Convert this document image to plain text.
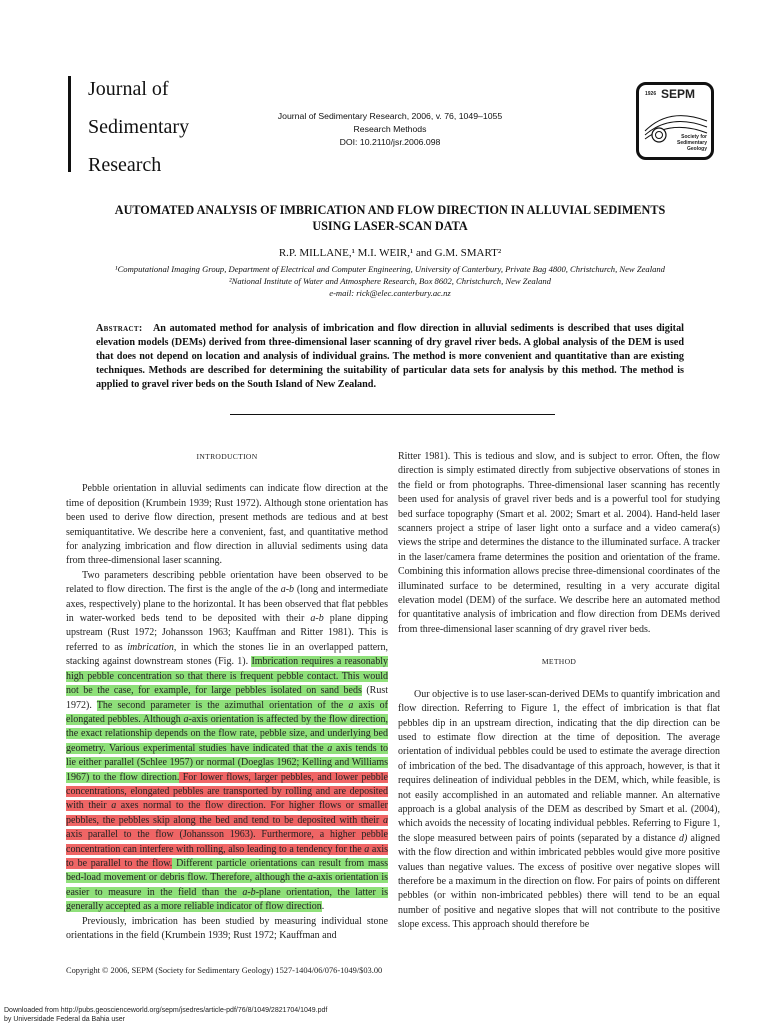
Journal of
Sedimentary
Research
Journal of Sedimentary Research, 2006, v. 76, 1049–1055
Research Methods
DOI: 10.2110/jsr.2006.098
1926 SEPM
Society for Sedimentary Geology
AUTOMATED ANALYSIS OF IMBRICATION AND FLOW DIRECTION IN ALLUVIAL SEDIMENTS
USING LASER-SCAN DATA
R.P. MILLANE,¹ M.I. WEIR,¹ and G.M. SMART²
¹Computational Imaging Group, Department of Electrical and Computer Engineering, University of Canterbury, Private Bag 4800, Christchurch, New Zealand
²National Institute of Water and Atmosphere Research, Box 8602, Christchurch, New Zealand
e-mail: rick@elec.canterbury.ac.nz
Abstract: An automated method for analysis of imbrication and flow direction in alluvial sediments is described that uses digital elevation models (DEMs) derived from three-dimensional laser scanning of dry gravel river beds. A global analysis of the DEM is used that does not depend on location and analysis of individual grains. The method is more convenient and quantitative than are existing techniques. Methods are described for determining the suitability of particular data sets for analysis by this method. The method is applied to gravel river beds on the South Island of New Zealand.

INTRODUCTION

Pebble orientation in alluvial sediments can indicate flow direction at the time of deposition (Krumbein 1939; Rust 1972). Although stone orientation has been used to derive flow direction, present methods are tedious and at best semiquantitative. We describe here a convenient, fast, and quantitative method for analyzing imbrication and flow direction in alluvial sediments using data from three-dimensional laser scanning.

Two parameters describing pebble orientation have been observed to be related to flow direction. The first is the angle of the a-b (long and intermediate axes, respectively) plane to the horizontal. It has been observed that flat pebbles in water-worked beds tend to be deposited with their a-b plane dipping upstream (Rust 1972; Johansson 1963; Kauffman and Ritter 1981). This is referred to as imbrication, in which the stones lie in an overlapped pattern, stacking against downstream stones (Fig. 1). Imbrication requires a reasonably high pebble concentration so that there is frequent pebble contact. This would not be the case, for example, for large pebbles isolated on sand beds (Rust 1972). The second parameter is the azimuthal orientation of the a axis of elongated pebbles. Although a-axis orientation is affected by the flow direction, the exact relationship depends on the flow rate, pebble size, and underlying bed geometry. Various experimental studies have indicated that the a axis tends to lie either parallel (Schlee 1957) or normal (Doeglas 1962; Kelling and Williams 1967) to the flow direction. For lower flows, larger pebbles, and lower pebble concentrations, elongated pebbles are transported by rolling and are deposited with their a axes normal to the flow direction. For higher flows or smaller pebbles, the pebbles skip along the bed and tend to be deposited with their a axis parallel to the flow (Johansson 1963). Furthermore, a higher pebble concentration can interfere with rolling, also leading to a tendency for the a axis to be parallel to the flow. Different particle orientations can result from mass bed-load movement or debris flow. Therefore, although the a-axis orientation is easier to measure in the field than the a-b-plane orientation, the latter is generally accepted as a more reliable indicator of flow direction.

Previously, imbrication has been studied by measuring individual stone orientations in the field (Krumbein 1939; Rust 1972; Kauffman and

Ritter 1981). This is tedious and slow, and is subject to error. Often, the flow direction is simply estimated directly from subjective observations of stones in the field or from photographs. Three-dimensional laser scanning has recently been used for analysis of gravel river beds and is a powerful tool for studying bed surface topography (Smart et al. 2002; Smart et al. 2004). Hand-held laser scanners project a stripe of laser light onto a surface and a video camera(s) views the stripe and determines the distance to the illuminated surface. A tracker in the laser/camera frame determines the position and orientation of the frame. Combining this information allows precise three-dimensional coordinates of the illuminated surface to be determined, resulting in a very accurate digital elevation model (DEM) of the surface. We describe here an automated method for quantitative analysis of imbrication and flow direction from DEMs derived from three-dimensional laser scanning of dry gravel river beds.

METHOD

Our objective is to use laser-scan-derived DEMs to quantify imbrication and flow direction. Referring to Figure 1, the effect of imbrication is that flat pebbles dip in an upstream direction, indicating that the dip direction can be used to estimate flow direction at the time of deposition. The average orientation of individual pebbles could be used to estimate the average direction of imbrication of the bed. The disadvantage of this approach, however, is that it requires delineation of individual pebbles in the DEM, which, while feasible, is not easily accomplished in an automated and reliable manner. An alternative approach is a global analysis of the DEM as described by Smart et al. (2004), which avoids the necessity of locating individual pebbles. Referring to Figure 1, the slope measured between pairs of points (separated by a distance d) aligned with the flow direction and within imbricated pebbles would give more positive values than negative values. The excess of positive over negative slopes will therefore be a maximum in the direction on flow. For pairs of points on different pebbles (or within non-imbricated pebbles) there will tend to be an equal number of positive and negative slopes that will not contribute to the positive slope excess. This approach should therefore be

Copyright © 2006, SEPM (Society for Sedimentary Geology) 1527-1404/06/076-1049/$03.00
Downloaded from http://pubs.geoscienceworld.org/sepm/jsedres/article-pdf/76/8/1049/2821704/1049.pdf
by Universidade Federal da Bahia user
